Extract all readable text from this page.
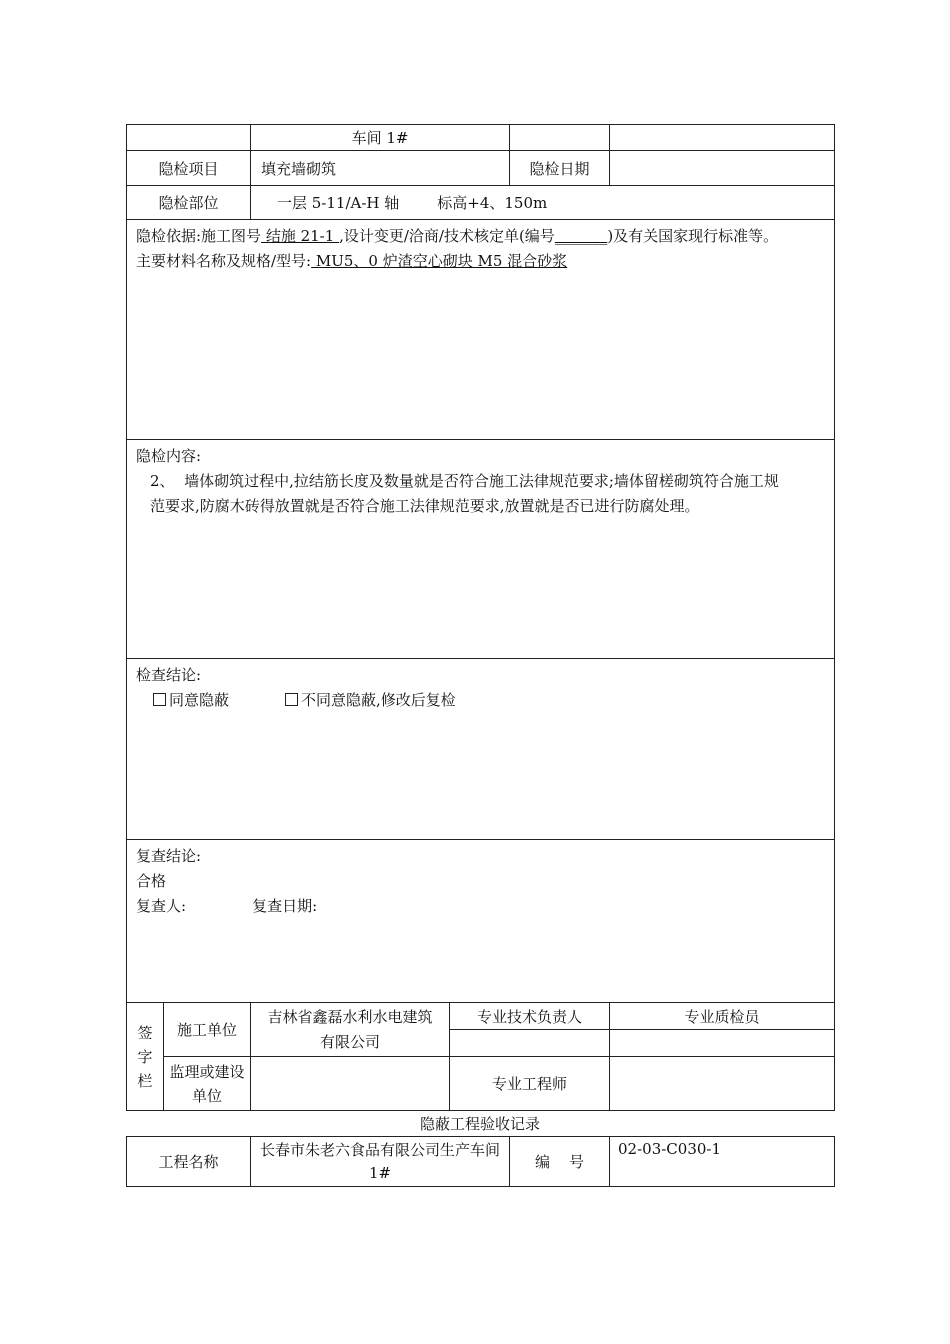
		车间 1#			
隐检项目		填充墙砌筑		隐检日期	
隐检部位		一层 5-11/A-H 轴 标高+4、150m			

隐检依据:施工图号 结施 21-1 ,设计变更/洽商/技术核定单(编号_______)及有关国家现行标准等。
主要材料名称及规格/型号: MU5、0 炉渣空心砌块 M5 混合砂浆					

隐检内容:
2、 墙体砌筑过程中,拉结筋长度及数量就是否符合施工法律规范要求;墙体留槎砌筑符合施工规
范要求,防腐木砖得放置就是否符合施工法律规范要求,放置就是否已进行防腐处理。					

检查结论:
同意隐蔽 不同意隐蔽,修改后复检					

复查结论:
合格
复查人: 复查日期:					

签
字
栏	施工单位	吉林省鑫磊水利水电建筑有限公司	专业技术负责人		专业质检员

	监理或建设单位		专业工程师		
隐蔽工程验收记录
工程名称	长春市朱老六食品有限公司生产车间 1#	编    号	02-03-C030-1
